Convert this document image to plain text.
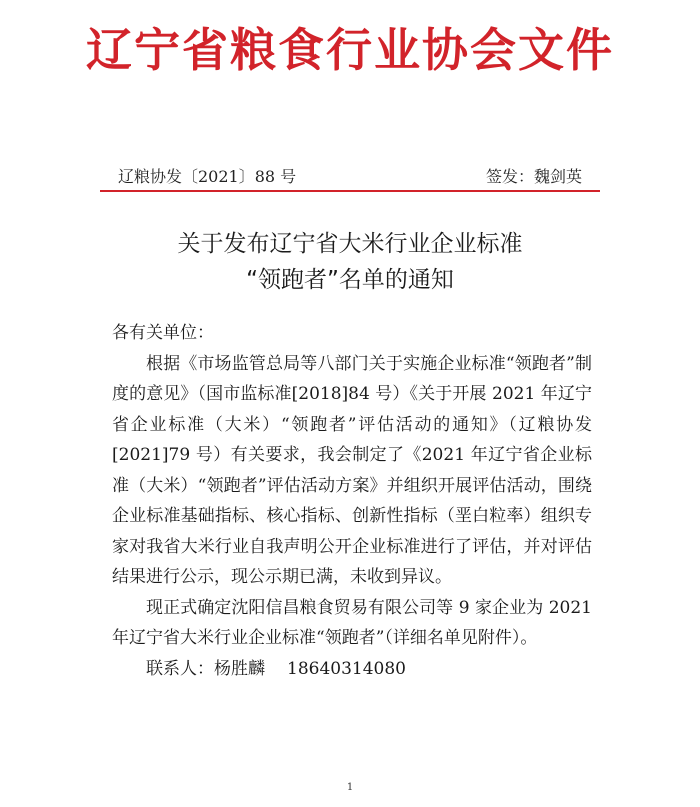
辽宁省粮食行业协会文件
辽粮协发〔2021〕88 号	签发：魏剑英
关于发布辽宁省大米行业企业标准
“领跑者”名单的通知

各有关单位：

根据《市场监管总局等八部门关于实施企业标准“领跑者”制度的意见》（国市监标准[2018]84 号）《关于开展 2021 年辽宁省企业标准（大米）“领跑者”评估活动的通知》（辽粮协发[2021]79 号）有关要求，我会制定了《2021 年辽宁省企业标准（大米）“领跑者”评估活动方案》并组织开展评估活动，围绕企业标准基础指标、核心指标、创新性指标（垩白粒率）组织专家对我省大米行业自我声明公开企业标准进行了评估，并对评估结果进行公示，现公示期已满，未收到异议。

现正式确定沈阳信昌粮食贸易有限公司等 9 家企业为 2021 年辽宁省大米行业企业标准“领跑者”（详细名单见附件）。

联系人：杨胜麟 18640314080

1
